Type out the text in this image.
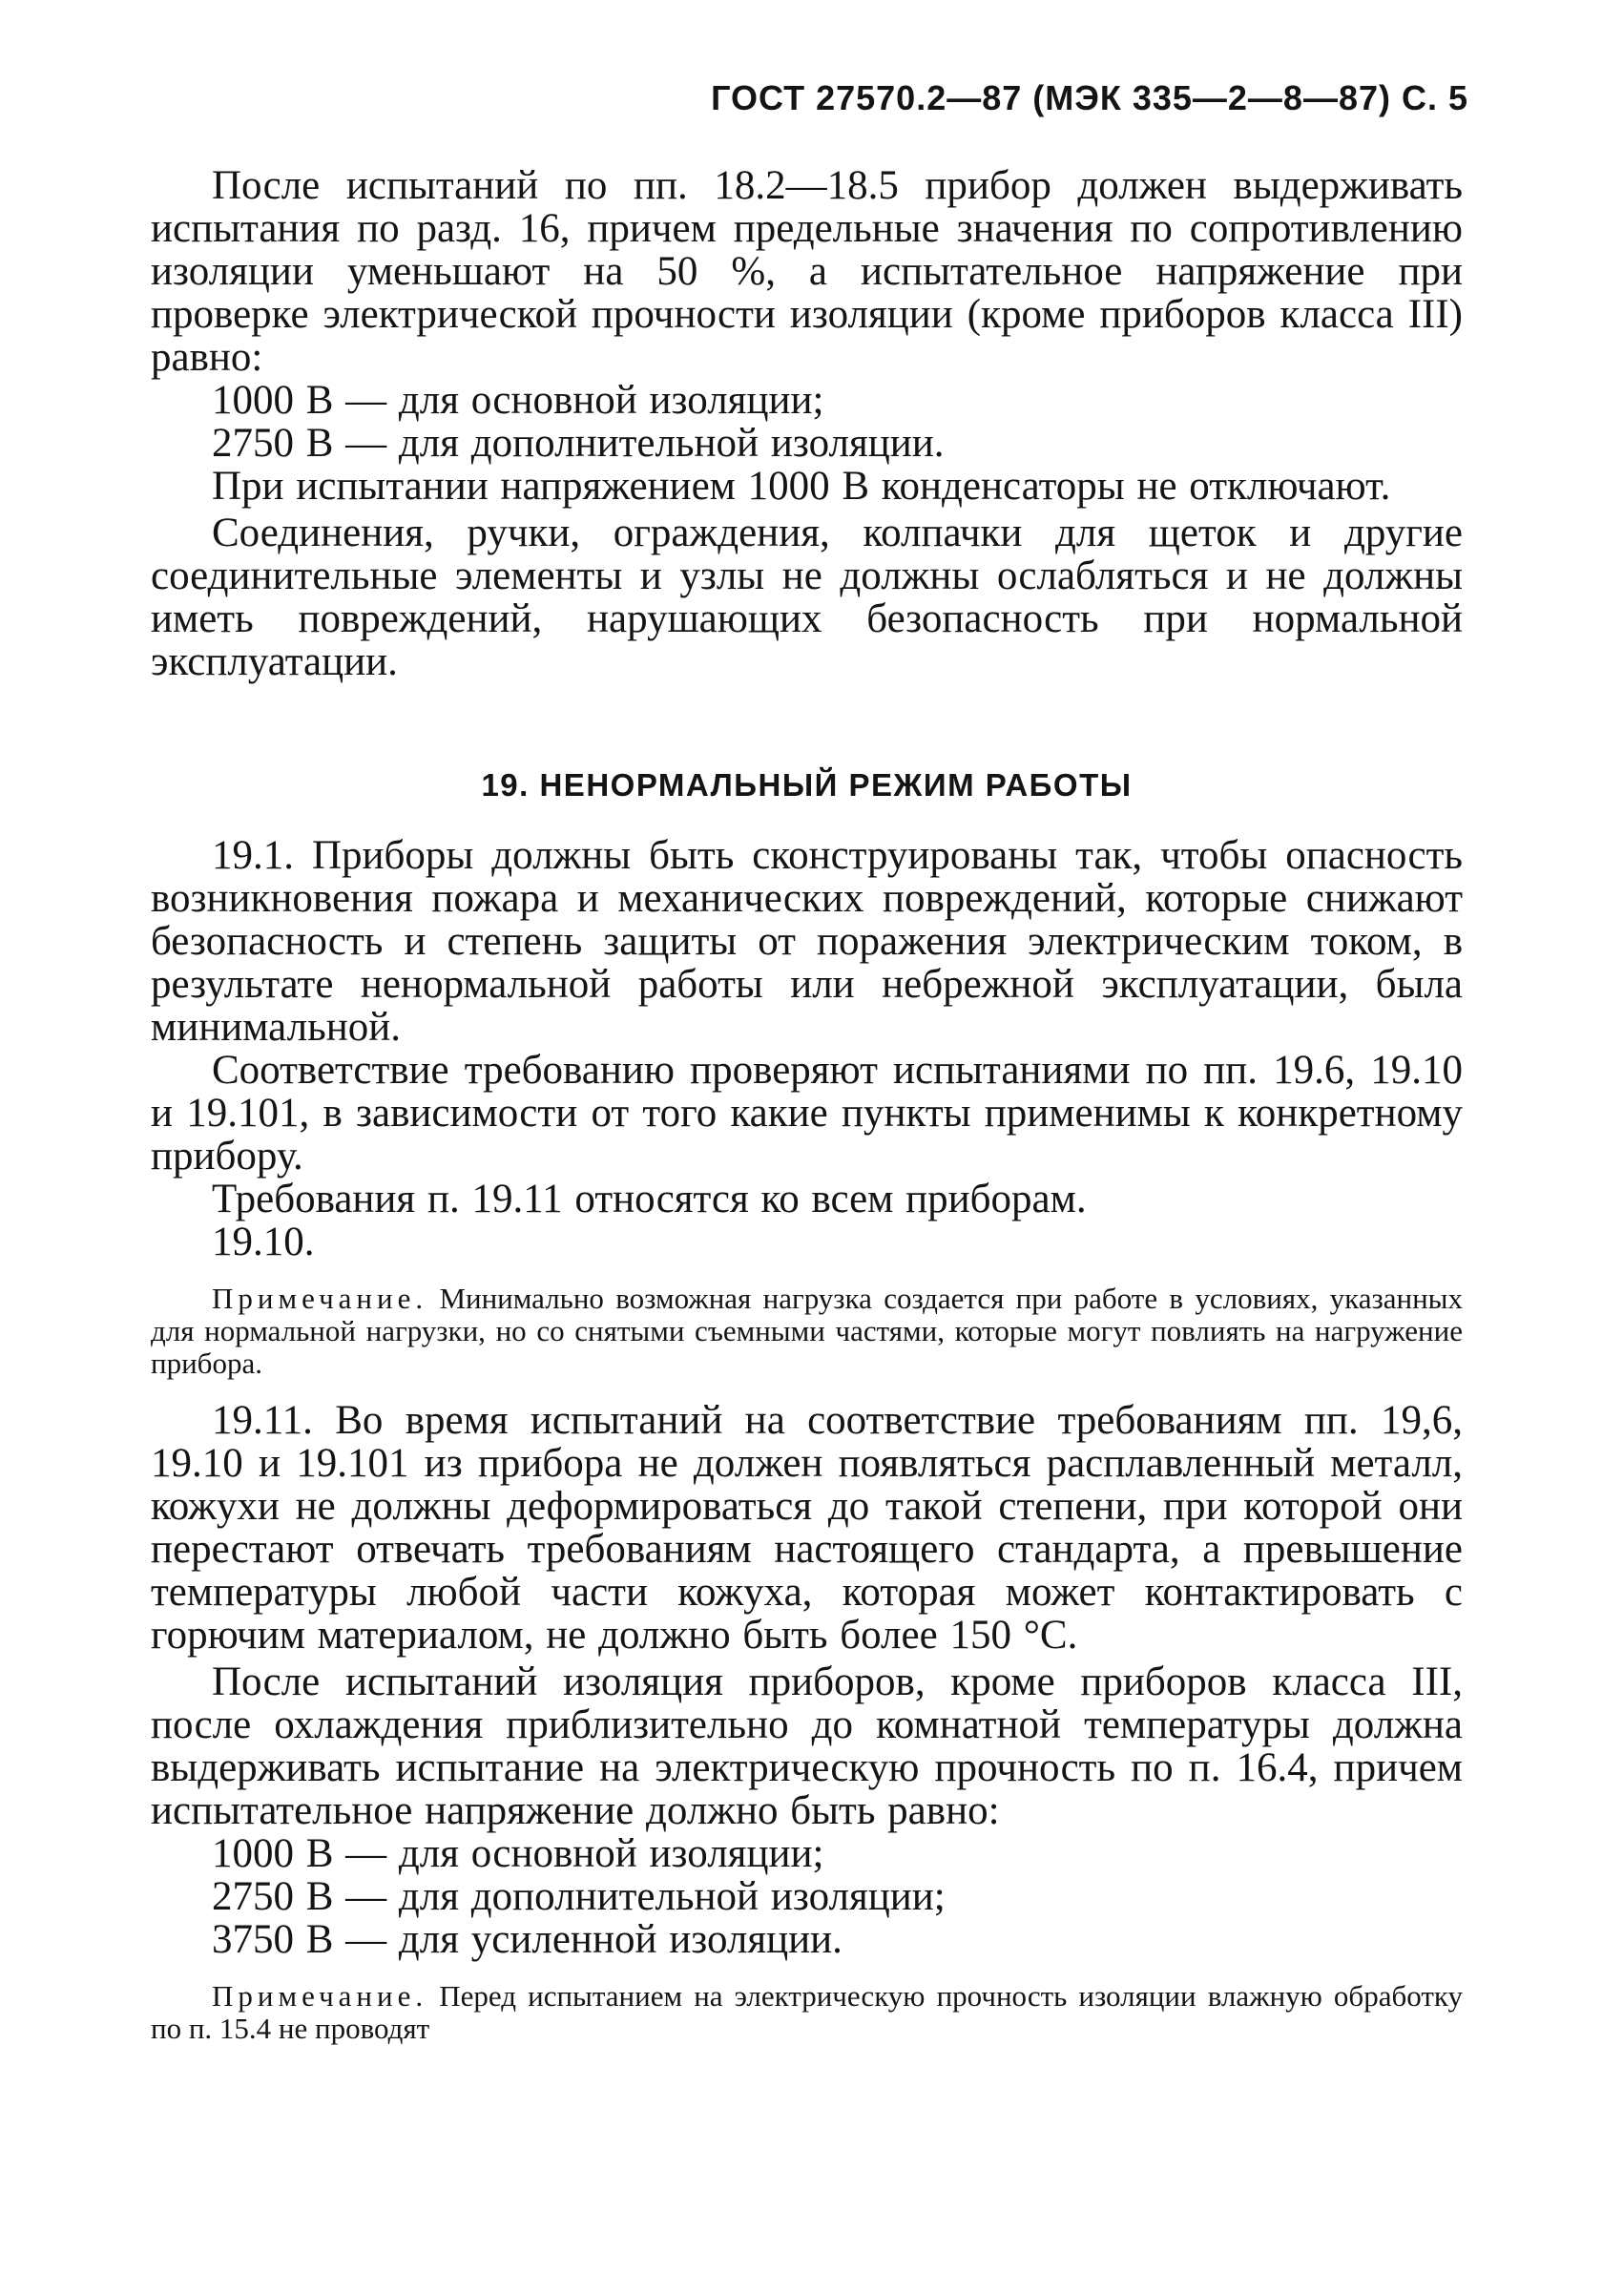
ГОСТ 27570.2—87 (МЭК 335—2—8—87) С. 5

После испытаний по пп. 18.2—18.5 прибор должен выдерживать испытания по разд. 16, причем предельные значения по сопротивлению изоляции уменьшают на 50 %, а испытательное напряжение при проверке электрической прочности изоляции (кроме приборов класса III) равно:

1000 В — для основной изоляции;

2750 В — для дополнительной изоляции.

При испытании напряжением 1000 В конденсаторы не отключают.

Соединения, ручки, ограждения, колпачки для щеток и другие соединительные элементы и узлы не должны ослабляться и не должны иметь повреждений, нарушающих безопасность при нормальной эксплуатации.

19. НЕНОРМАЛЬНЫЙ РЕЖИМ РАБОТЫ

19.1. Приборы должны быть сконструированы так, чтобы опасность возникновения пожара и механических повреждений, которые снижают безопасность и степень защиты от поражения электрическим током, в результате ненормальной работы или небрежной эксплуатации, была минимальной.

Соответствие требованию проверяют испытаниями по пп. 19.6, 19.10 и 19.101, в зависимости от того какие пункты применимы к конкретному прибору.

Требования п. 19.11 относятся ко всем приборам.

19.10.

Примечание. Минимально возможная нагрузка создается при работе в условиях, указанных для нормальной нагрузки, но со снятыми съемными частями, которые могут повлиять на нагружение прибора.

19.11. Во время испытаний на соответствие требованиям пп. 19,6, 19.10 и 19.101 из прибора не должен появляться расплавленный металл, кожухи не должны деформироваться до такой степени, при которой они перестают отвечать требованиям настоящего стандарта, а превышение температуры любой части кожуха, которая может контактировать с горючим материалом, не должно быть более 150 °С.

После испытаний изоляция приборов, кроме приборов класса III, после охлаждения приблизительно до комнатной температуры должна выдерживать испытание на электрическую прочность по п. 16.4, причем испытательное напряжение должно быть равно:

1000 В — для основной изоляции;

2750 В — для дополнительной изоляции;

3750 В — для усиленной изоляции.

Примечание. Перед испытанием на электрическую прочность изоляции влажную обработку по п. 15.4 не проводят
